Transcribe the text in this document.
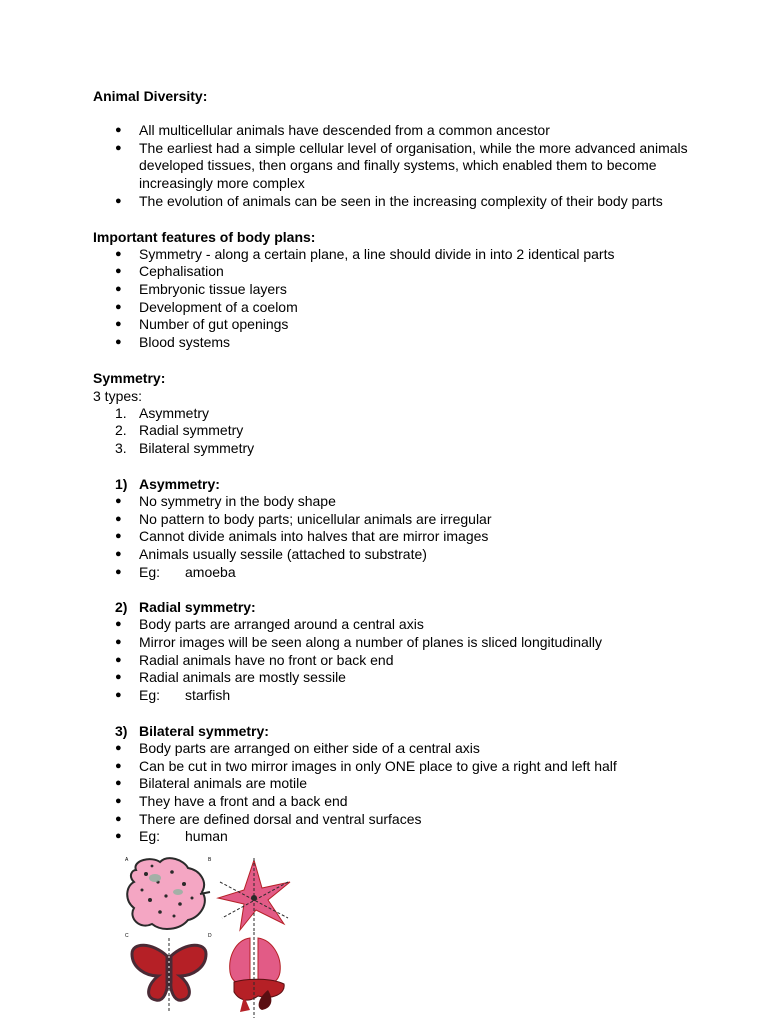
Animal Diversity:
● All multicellular animals have descended from a common ancestor
● The earliest had a simple cellular level of organisation, while the more advanced animals developed tissues, then organs and finally systems, which enabled them to become increasingly more complex
● The evolution of animals can be seen in the increasing complexity of their body parts
Important features of body plans:
● Symmetry - along a certain plane, a line should divide in into 2 identical parts
● Cephalisation
● Embryonic tissue layers
● Development of a coelom
● Number of gut openings
● Blood systems
Symmetry:
3 types:
1. Asymmetry
2. Radial symmetry
3. Bilateral symmetry
1) Asymmetry:
● No symmetry in the body shape
● No pattern to body parts; unicellular animals are irregular
● Cannot divide animals into halves that are mirror images
● Animals usually sessile (attached to substrate)
● Eg: amoeba
2) Radial symmetry:
● Body parts are arranged around a central axis
● Mirror images will be seen along a number of planes is sliced longitudinally
● Radial animals have no front or back end
● Radial animals are mostly sessile
● Eg: starfish
3) Bilateral symmetry:
● Body parts are arranged on either side of a central axis
● Can be cut in two mirror images in only ONE place to give a right and left half
● Bilateral animals are motile
● They have a front and a back end
● There are defined dorsal and ventral surfaces
● Eg: human
A	B
C	D
